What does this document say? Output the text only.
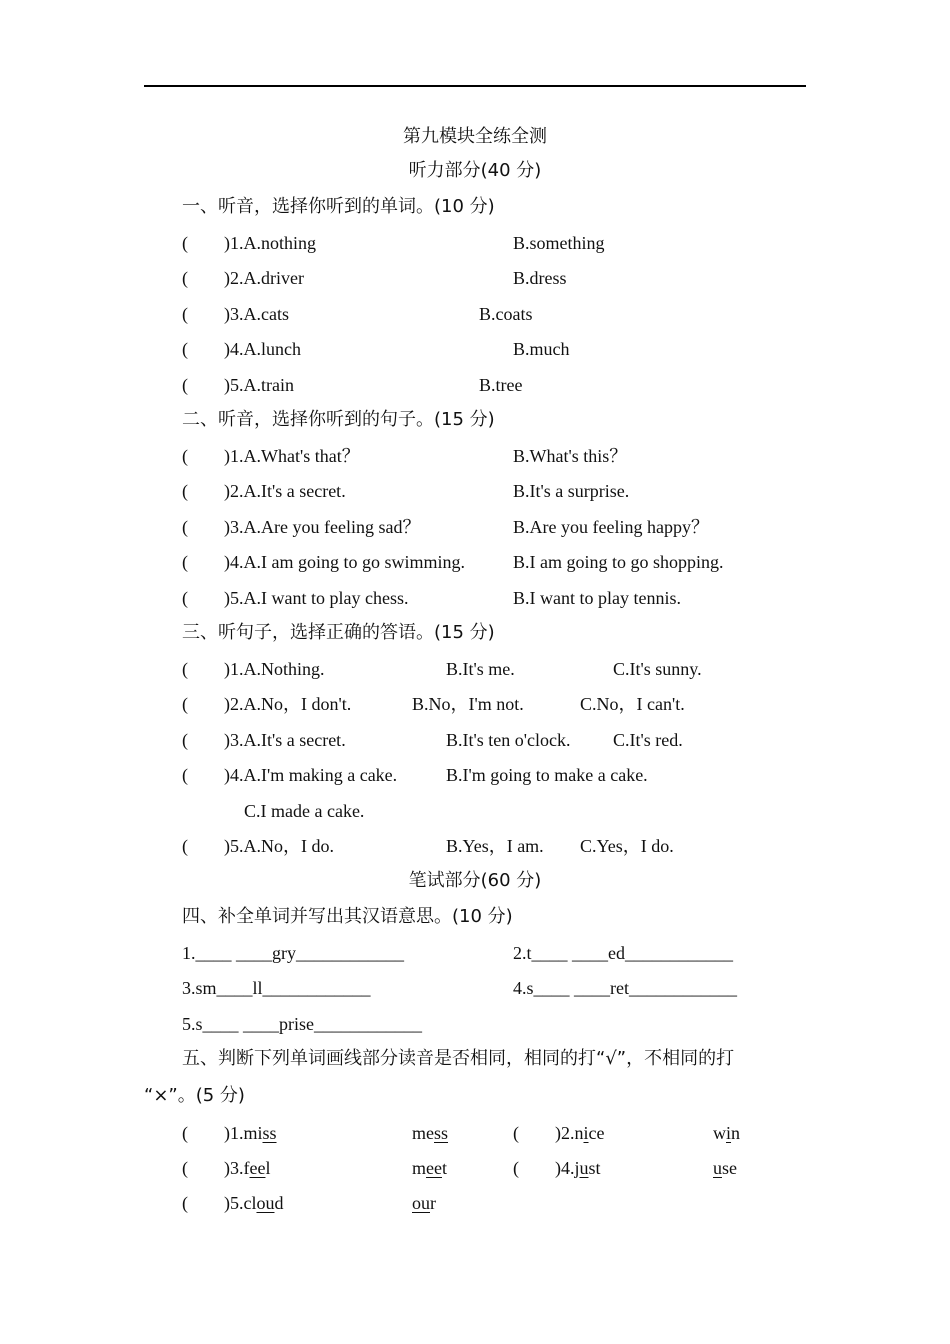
第九模块全练全测
听力部分(40 分)
一、听音，选择你听到的单词。(10 分)
(        )1.A.nothing	B.something
(        )2.A.driver	B.dress
(        )3.A.cats	B.coats
(        )4.A.lunch	B.much
(        )5.A.train	B.tree
二、听音，选择你听到的句子。(15 分)
(        )1.A.What's that？	B.What's this？
(        )2.A.It's a secret.	B.It's a surprise.
(        )3.A.Are you feeling sad？	B.Are you feeling happy？
(        )4.A.I am going to go swimming.	B.I am going to go shopping.
(        )5.A.I want to play chess.	B.I want to play tennis.
三、听句子，选择正确的答语。(15 分)
(        )1.A.Nothing.	B.It's me.	C.It's sunny.
(        )2.A.No，I don't.	B.No，I'm not.	C.No，I can't.
(        )3.A.It's a secret.	B.It's ten o'clock. C.It's red.
(        )4.A.I'm making a cake.	B.I'm going to make a cake.
C.I made a cake.
(        )5.A.No，I do.	B.Yes，I am. C.Yes，I do.
笔试部分(60 分)
四、补全单词并写出其汉语意思。(10 分)
1.____ ____gry____________	2.t____ ____ed____________
3.sm____ll____________	4.s____ ____ret____________
5.s____ ____prise____________
五、判断下列单词画线部分读音是否相同，相同的打“√”，不相同的打
“×”。(5 分)
(        )1.miss	mess	(        )2.nice	win
(        )3.feel	meet	(        )4.just	use
(        )5.cloud	our
